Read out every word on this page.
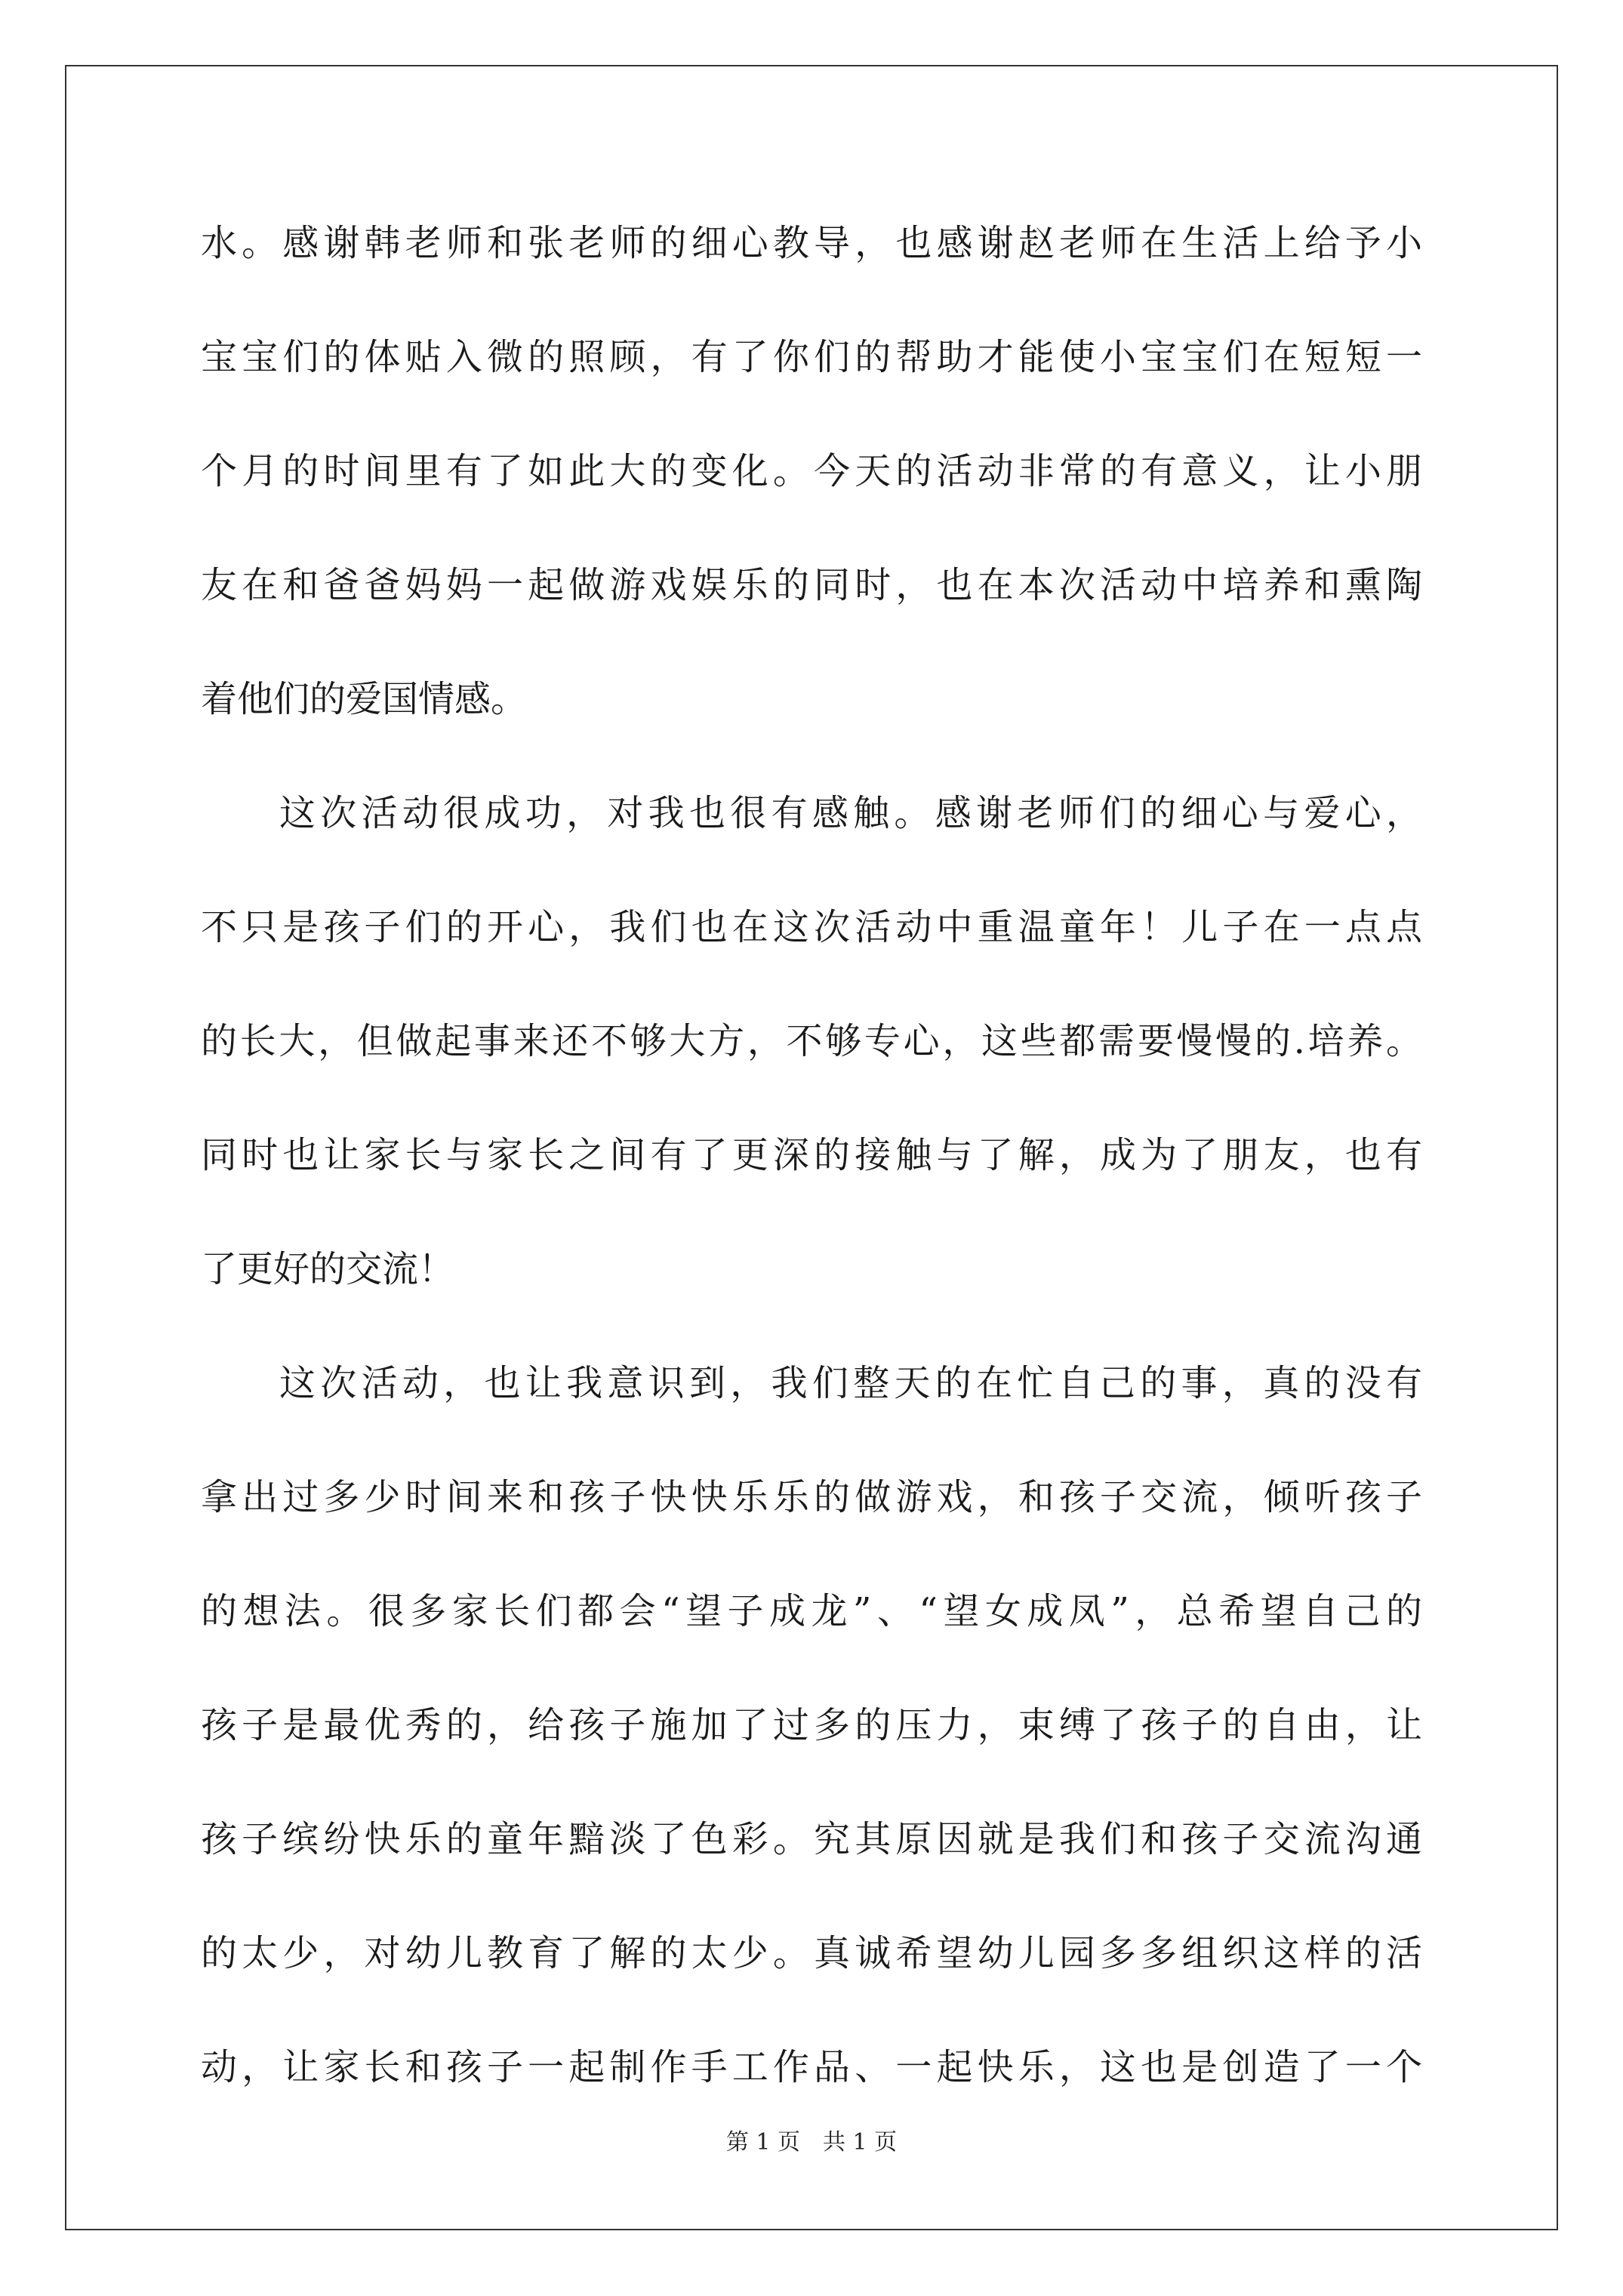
水。感谢韩老师和张老师的细心教导，也感谢赵老师在生活上给予小
宝宝们的体贴入微的照顾，有了你们的帮助才能使小宝宝们在短短一
个月的时间里有了如此大的变化。今天的活动非常的有意义，让小朋
友在和爸爸妈妈一起做游戏娱乐的同时，也在本次活动中培养和熏陶
着他们的爱国情感。
这次活动很成功，对我也很有感触。感谢老师们的细心与爱心，
不只是孩子们的开心，我们也在这次活动中重温童年！儿子在一点点
的长大，但做起事来还不够大方，不够专心，这些都需要慢慢的.培养。
同时也让家长与家长之间有了更深的接触与了解，成为了朋友，也有
了更好的交流！
这次活动，也让我意识到，我们整天的在忙自己的事，真的没有
拿出过多少时间来和孩子快快乐乐的做游戏，和孩子交流，倾听孩子
的想法。很多家长们都会“望子成龙”、“望女成凤”，总希望自己的
孩子是最优秀的，给孩子施加了过多的压力，束缚了孩子的自由，让
孩子缤纷快乐的童年黯淡了色彩。究其原因就是我们和孩子交流沟通
的太少，对幼儿教育了解的太少。真诚希望幼儿园多多组织这样的活
动，让家长和孩子一起制作手工作品、一起快乐，这也是创造了一个
第 1 页　共 1 页
